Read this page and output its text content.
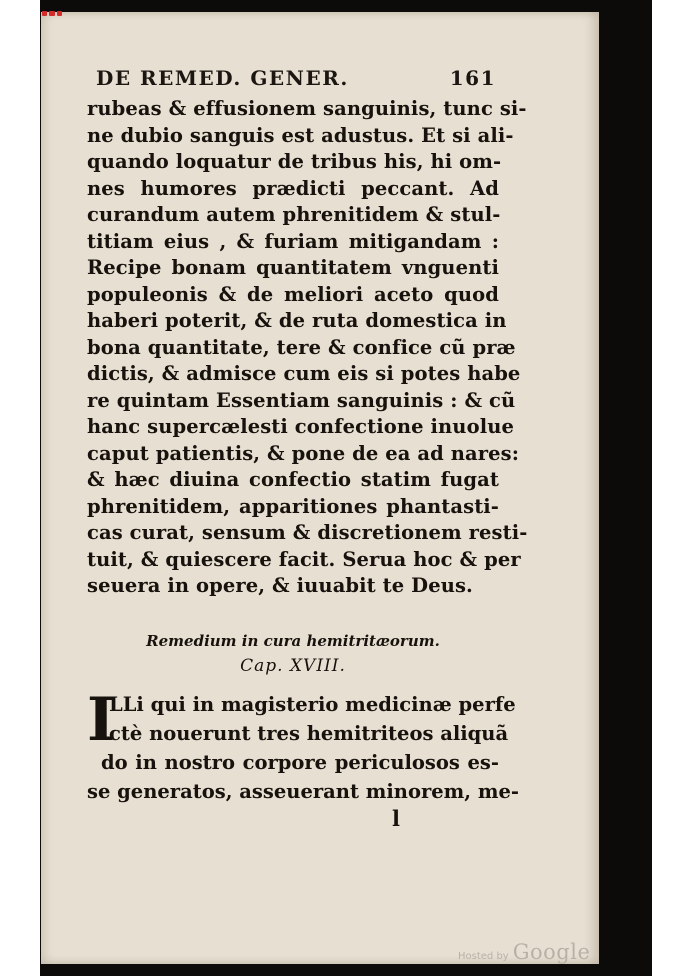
DE REMED. GENER.	161
rubeas & effusionem sanguinis, tunc si-
ne dubio sanguis est adustus. Et si ali-
quando loquatur de tribus his, hi om-
nes humores prædicti peccant. Ad
curandum autem phrenitidem & stul-
titiam eius , & furiam mitigandam :
Recipe bonam quantitatem vnguenti
populeonis & de meliori aceto quod
haberi poterit, & de ruta domestica in
bona quantitate, tere & confice cũ præ
dictis, & admisce cum eis si potes habe
re quintam Essentiam sanguinis : & cũ
hanc supercælesti confectione inuolue
caput patientis, & pone de ea ad nares:
& hæc diuina confectio statim fugat
phrenitidem, apparitiones phantasti-
cas curat, sensum & discretionem resti-
tuit, & quiescere facit. Serua hoc & per
seuera in opere, & iuuabit te Deus.
Remedium in cura hemitritæorum.
Cap. XVIII.
I
LLi qui in magisterio medicinæ perfe
ctè nouerunt tres hemitriteos aliquã
do in nostro corpore periculosos es-
se generatos, asseuerant minorem, me-
l
Hosted by Google
